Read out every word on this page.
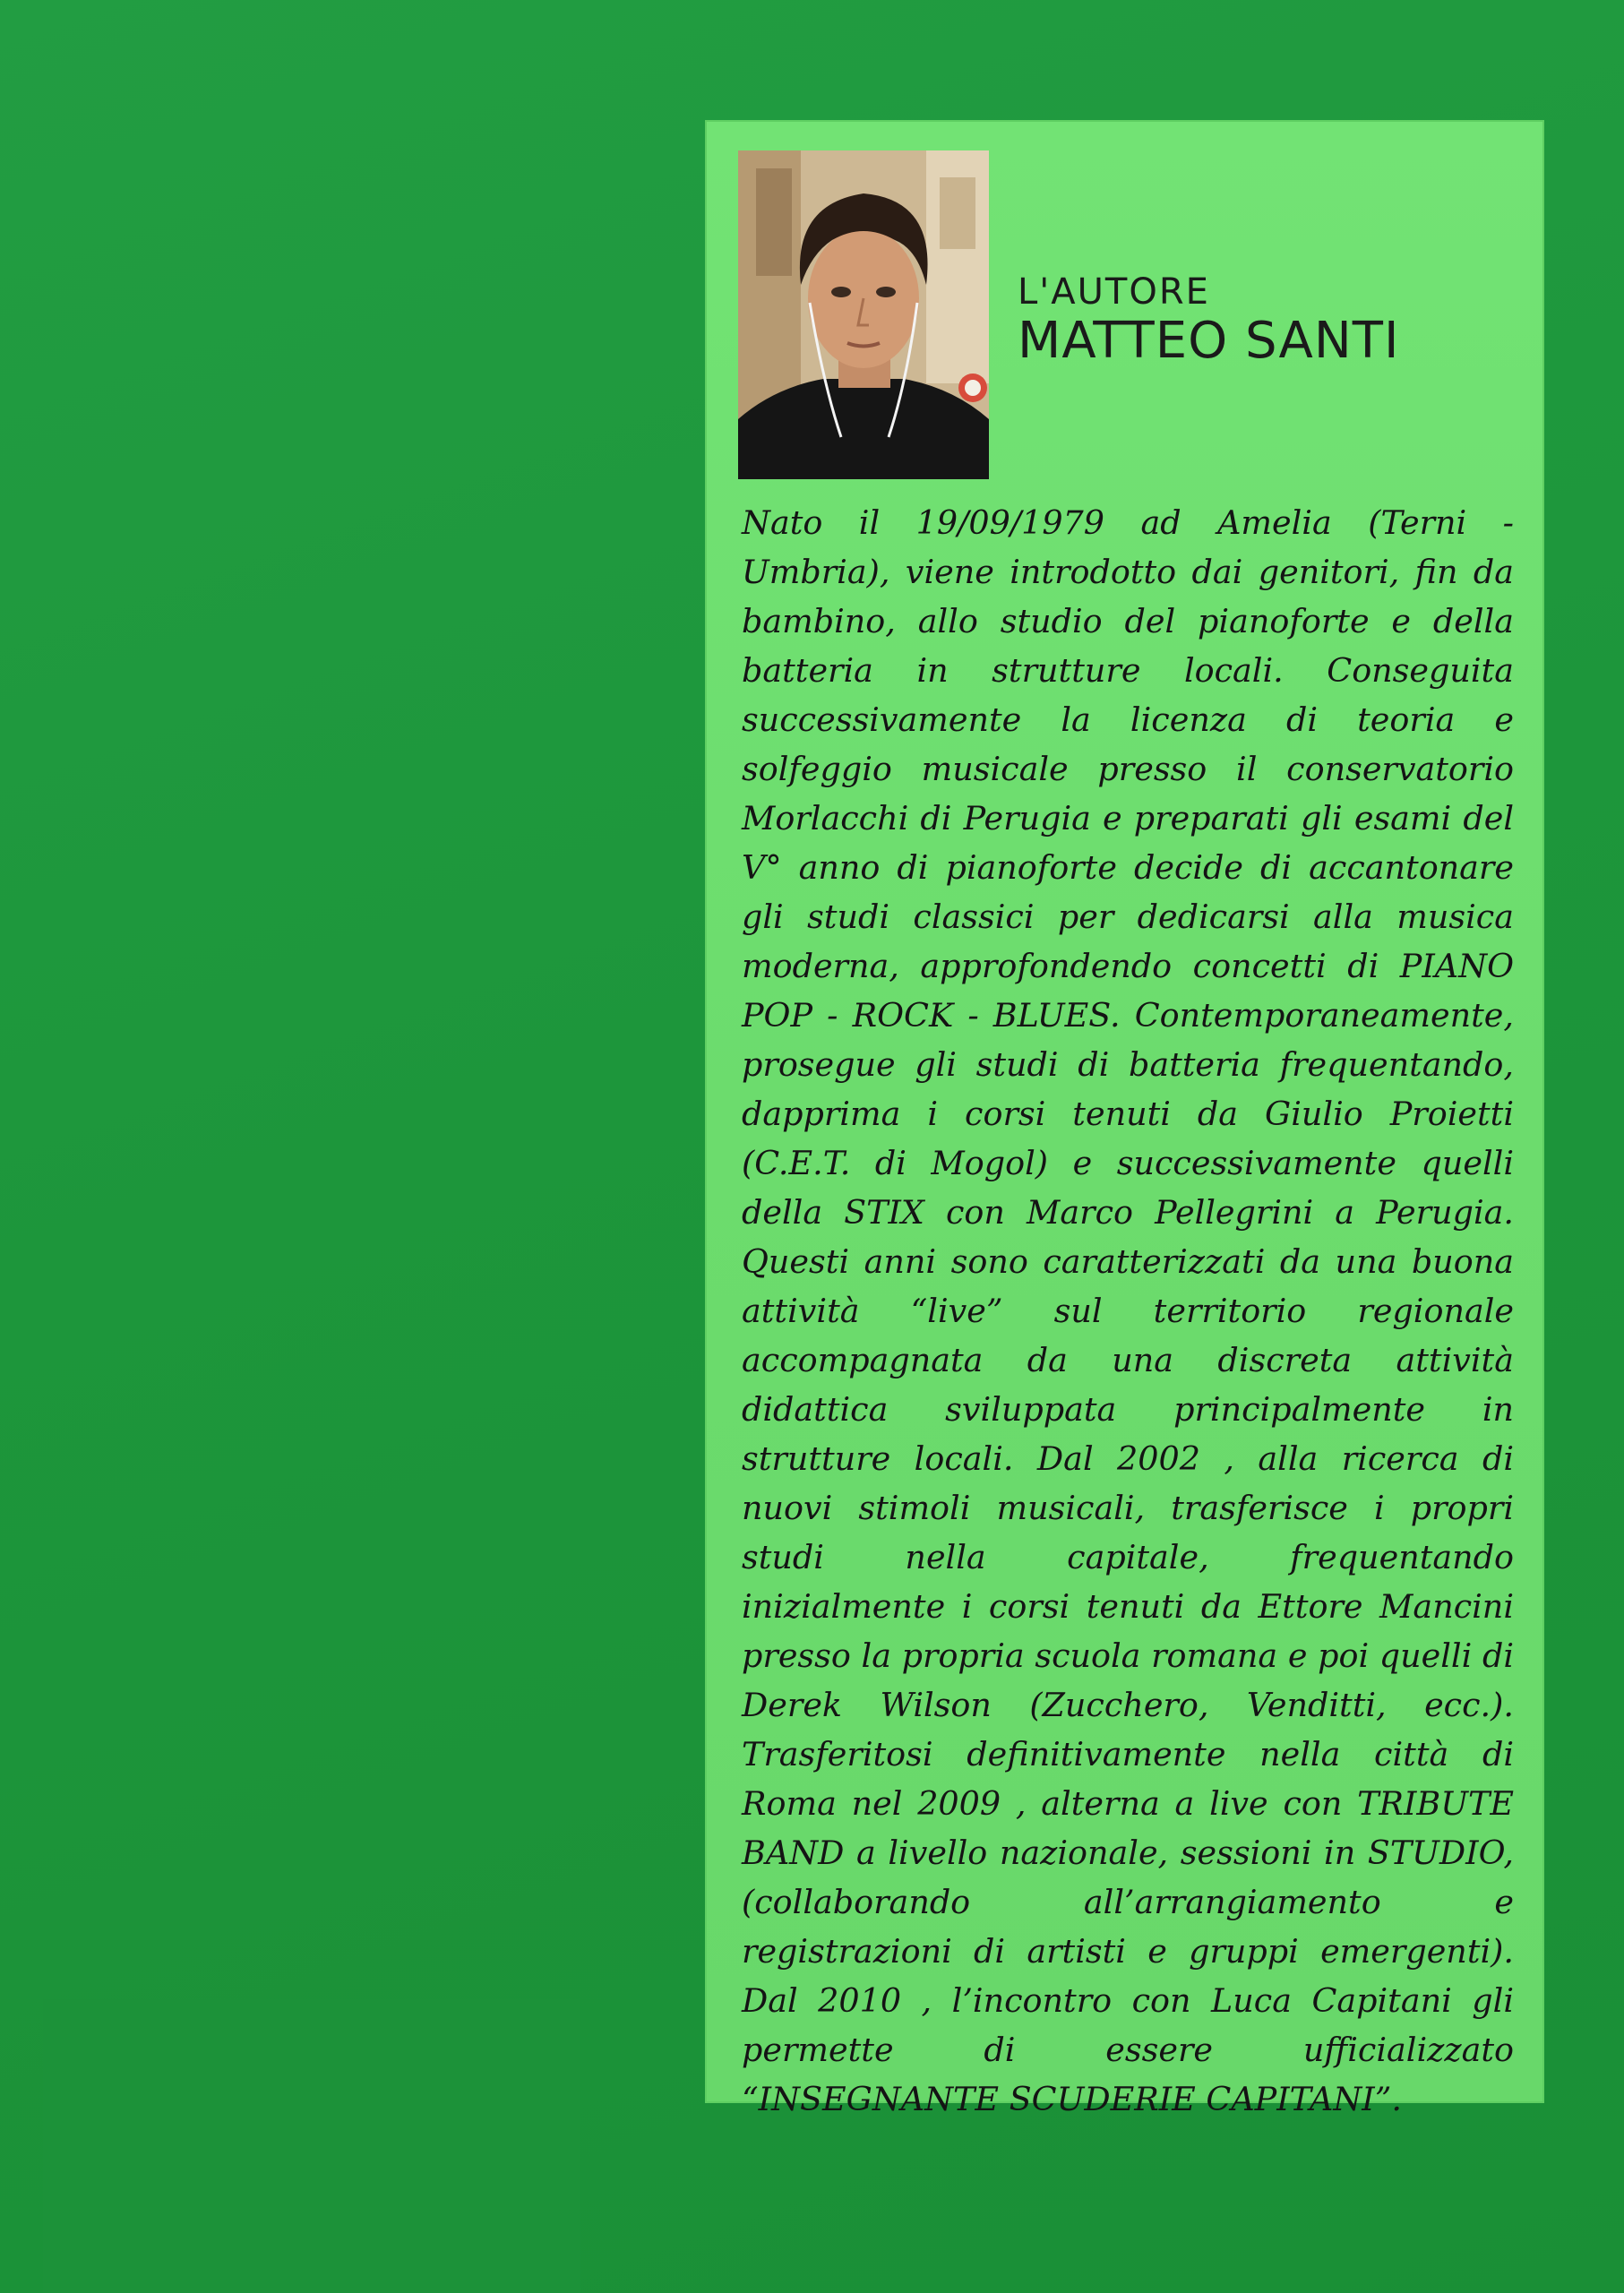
L'AUTORE
MATTEO SANTI

Nato il 19/09/1979 ad Amelia (Terni - Umbria), viene introdotto dai genitori, fin da bambino, allo studio del pianoforte e della batteria in strutture locali. Conseguita successivamente la licenza di teoria e solfeggio musicale presso il conservatorio Morlacchi di Perugia e preparati gli esami del V° anno di pianoforte decide di accantonare gli studi classici per dedicarsi alla musica moderna, approfondendo concetti di PIANO POP - ROCK - BLUES. Contemporaneamente, prosegue gli studi di batteria frequentando, dapprima i corsi tenuti da Giulio Proietti (C.E.T. di Mogol) e successivamente quelli della STIX con Marco Pellegrini a Perugia. Questi anni sono caratterizzati da una buona attività “live” sul territorio regionale accompagnata da una discreta attività didattica sviluppata principalmente in strutture locali. Dal 2002 , alla ricerca di nuovi stimoli musicali, trasferisce i propri studi nella capitale, frequentando inizialmente i corsi tenuti da Ettore Mancini presso la propria scuola romana e poi quelli di Derek Wilson (Zucchero, Venditti, ecc.). Trasferitosi definitivamente nella città di Roma nel 2009 , alterna a live con TRIBUTE BAND a livello nazionale, sessioni in STUDIO, (collaborando all’arrangiamento e registrazioni di artisti e gruppi emergenti). Dal 2010 , l’incontro con Luca Capitani gli permette di essere ufficializzato “INSEGNANTE SCUDERIE CAPITANI”.
